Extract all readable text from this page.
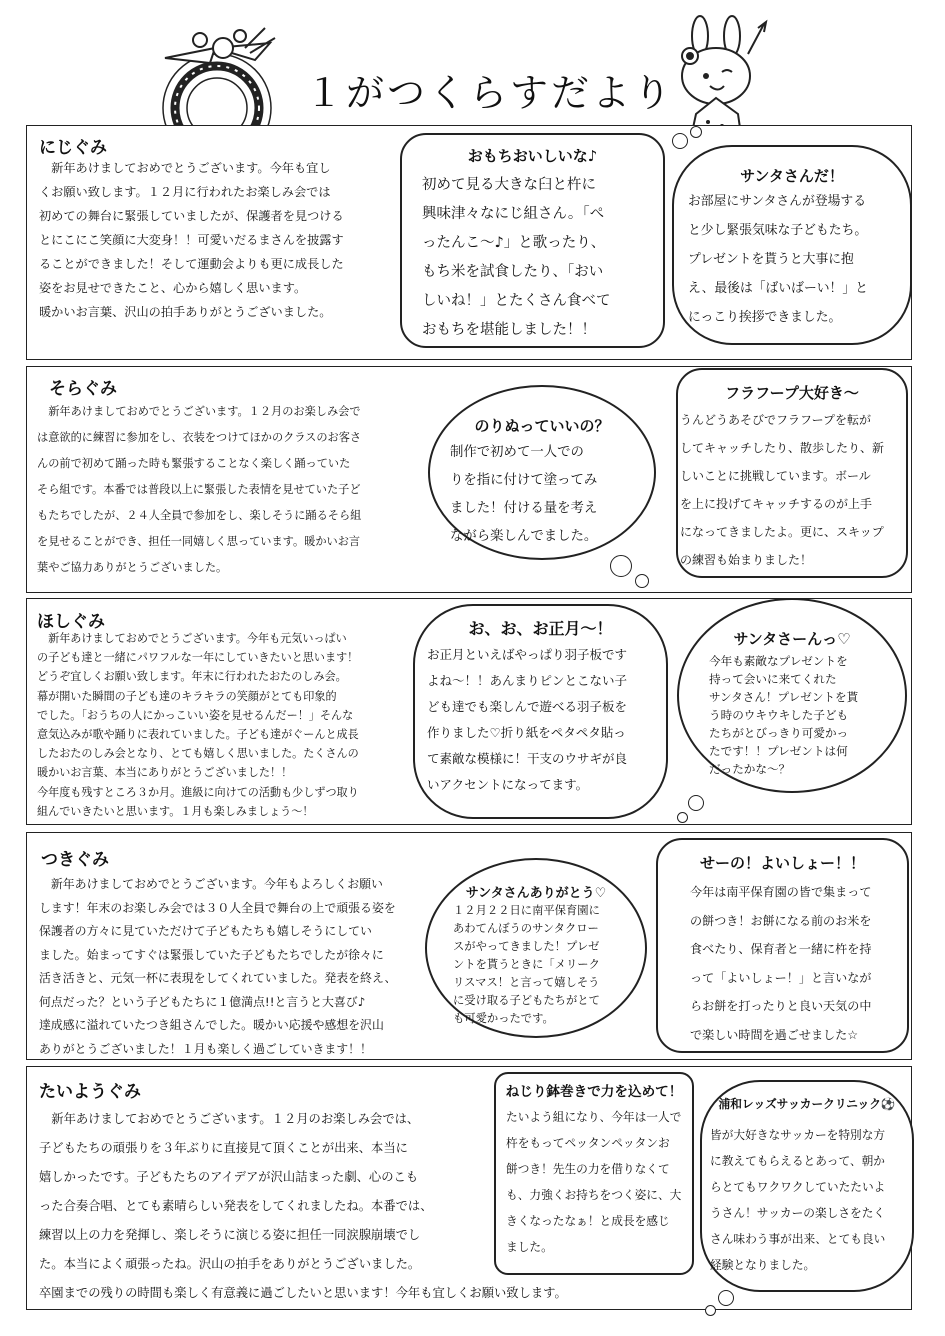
１がつくらすだより
にじぐみ
　新年あけましておめでとうございます。今年も宜し
くお願い致します。１２月に行われたお楽しみ会では
初めての舞台に緊張していましたが、保護者を見つける
とにこにこ笑顔に大変身！！可愛いだるまさんを披露す
ることができました！そして運動会よりも更に成長した
姿をお見せできたこと、心から嬉しく思います。
暖かいお言葉、沢山の拍手ありがとうございました。
おもちおいしいな♪
初めて見る大きな臼と杵に
興味津々なにじ組さん。「ぺ
ったんこ～♪」と歌ったり、
もち米を試食したり、「おい
しいね！」とたくさん食べて
おもちを堪能しました！！
サンタさんだ！
お部屋にサンタさんが登場する
と少し緊張気味な子どもたち。
プレゼントを貰うと大事に抱
え、最後は「ばいばーい！」と
にっこり挨拶できました。
そらぐみ
　新年あけましておめでとうございます。１２月のお楽しみ会で
は意欲的に練習に参加をし、衣装をつけてほかのクラスのお客さ
んの前で初めて踊った時も緊張することなく楽しく踊っていた
そら組です。本番では普段以上に緊張した表情を見せていた子ど
もたちでしたが、２４人全員で参加をし、楽しそうに踊るそら組
を見せることができ、担任一同嬉しく思っています。暖かいお言
葉やご協力ありがとうございました。
のりぬっていいの？
制作で初めて一人での
りを指に付けて塗ってみ
ました！付ける量を考え
ながら楽しんでました。
フラフープ大好き～
うんどうあそびでフラフープを転が
してキャッチしたり、散歩したり、新
しいことに挑戦しています。ボール
を上に投げてキャッチするのが上手
になってきましたよ。更に、スキップ
の練習も始まりました！
ほしぐみ
　新年あけましておめでとうございます。今年も元気いっぱい
の子ども達と一緒にパワフルな一年にしていきたいと思います！
どうぞ宜しくお願い致します。年末に行われたおたのしみ会。
幕が開いた瞬間の子ども達のキラキラの笑顔がとても印象的
でした。「おうちの人にかっこいい姿を見せるんだー！」そんな
意気込みが歌や踊りに表れていました。子ども達がぐーんと成長
したおたのしみ会となり、とても嬉しく思いました。たくさんの
暖かいお言葉、本当にありがとうございました！！
今年度も残すところ３か月。進級に向けての活動も少しずつ取り
組んでいきたいと思います。１月も楽しみましょう～！
お、お、お正月～！
お正月といえばやっぱり羽子板です
よね～！！あんまりピンとこない子
ども達でも楽しんで遊べる羽子板を
作りました♡折り紙をペタペタ貼っ
て素敵な模様に！干支のウサギが良
いアクセントになってます。
サンタさーんっ♡
今年も素敵なプレゼントを
持って会いに来てくれた
サンタさん！プレゼントを貰
う時のウキウキした子ども
たちがとびっきり可愛かっ
たです！！プレゼントは何
だったかな～？
つきぐみ
　新年あけましておめでとうございます。今年もよろしくお願い
します！年末のお楽しみ会では３０人全員で舞台の上で頑張る姿を
保護者の方々に見ていただけて子どもたちも嬉しそうにしてい
ました。始まってすぐは緊張していた子どもたちでしたが徐々に
活き活きと、元気一杯に表現をしてくれていました。発表を終え、
何点だった？という子どもたちに１億満点!!と言うと大喜び♪
達成感に溢れていたつき組さんでした。暖かい応援や感想を沢山
ありがとうございました！１月も楽しく過ごしていきます！！
サンタさんありがとう♡
１２月２２日に南平保育園に
あわてんぼうのサンタクロー
スがやってきました！プレゼ
ントを貰うときに「メリーク
リスマス！と言って嬉しそう
に受け取る子どもたちがとて
も可愛かったです。
せーの！よいしょー！！
今年は南平保育園の皆で集まって
の餅つき！お餅になる前のお米を
食べたり、保育者と一緒に杵を持
って「よいしょー！」と言いなが
らお餅を打ったりと良い天気の中
で楽しい時間を過ごせました☆
たいようぐみ
　新年あけましておめでとうございます。１２月のお楽しみ会では、
子どもたちの頑張りを３年ぶりに直接見て頂くことが出来、本当に
嬉しかったです。子どもたちのアイデアが沢山詰まった劇、心のこも
った合奏合唱、とても素晴らしい発表をしてくれましたね。本番では、
練習以上の力を発揮し、楽しそうに演じる姿に担任一同涙腺崩壊でし
た。本当によく頑張ったね。沢山の拍手をありがとうございました。
卒園までの残りの時間も楽しく有意義に過ごしたいと思います！今年も宜しくお願い致します。
ねじり鉢巻きで力を込めて！
たいよう組になり、今年は一人で
杵をもってペッタンペッタンお
餅つき！先生の力を借りなくて
も、力強くお持ちをつく姿に、大
きくなったなぁ！と成長を感じ
ました。
浦和レッズサッカークリニック⚽
皆が大好きなサッカーを特別な方
に教えてもらえるとあって、朝か
らとてもワクワクしていたたいよ
うさん！サッカーの楽しさをたく
さん味わう事が出来、とても良い
経験となりました。
